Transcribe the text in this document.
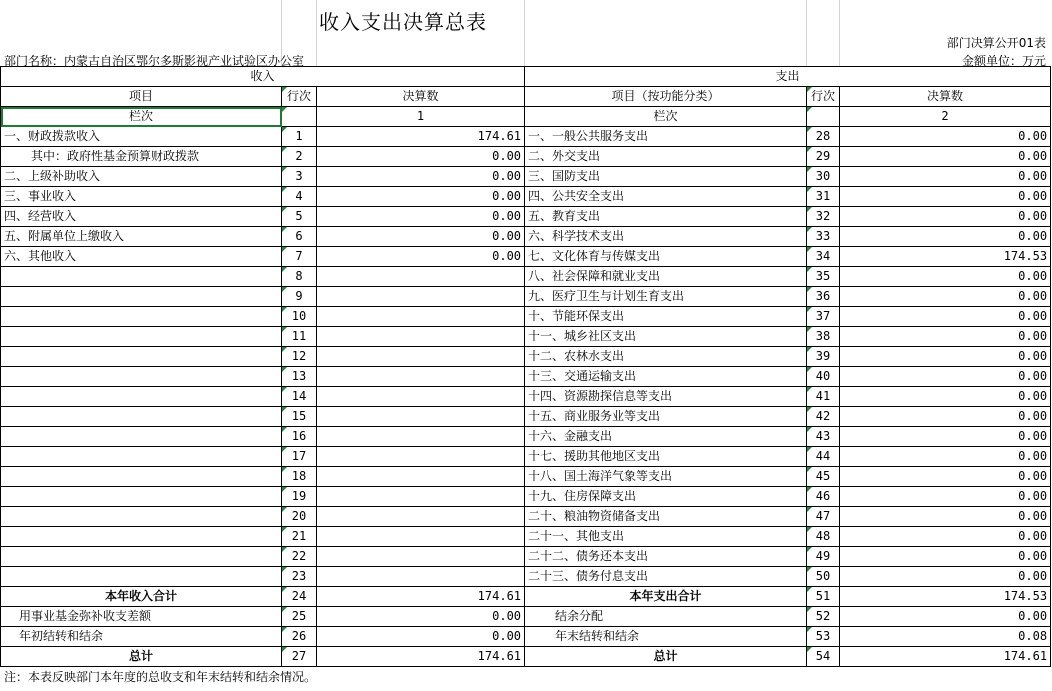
收入支出决算总表
部门决算公开01表
部门名称：内蒙古自治区鄂尔多斯影视产业试验区办公室	金额单位：万元
收入			支出		
项目	行次	决算数	项目（按功能分类）	行次	决算数
栏次		1	栏次		2
一、财政拨款收入	1	174.61	一、一般公共服务支出	28	0.00
其中：政府性基金预算财政拨款	2	0.00	二、外交支出	29	0.00
二、上级补助收入	3	0.00	三、国防支出	30	0.00
三、事业收入	4	0.00	四、公共安全支出	31	0.00
四、经营收入	5	0.00	五、教育支出	32	0.00
五、附属单位上缴收入	6	0.00	六、科学技术支出	33	0.00
六、其他收入	7	0.00	七、文化体育与传媒支出	34	174.53
	8		八、社会保障和就业支出	35	0.00
	9		九、医疗卫生与计划生育支出	36	0.00
	10		十、节能环保支出	37	0.00
	11		十一、城乡社区支出	38	0.00
	12		十二、农林水支出	39	0.00
	13		十三、交通运输支出	40	0.00
	14		十四、资源勘探信息等支出	41	0.00
	15		十五、商业服务业等支出	42	0.00
	16		十六、金融支出	43	0.00
	17		十七、援助其他地区支出	44	0.00
	18		十八、国土海洋气象等支出	45	0.00
	19		十九、住房保障支出	46	0.00
	20		二十、粮油物资储备支出	47	0.00
	21		二十一、其他支出	48	0.00
	22		二十二、债务还本支出	49	0.00
	23		二十三、债务付息支出	50	0.00
本年收入合计	24	174.61	本年支出合计	51	174.53
用事业基金弥补收支差额	25	0.00	结余分配	52	0.00
年初结转和结余	26	0.00	年末结转和结余	53	0.08
总计	27	174.61	总计	54	174.61
注：本表反映部门本年度的总收支和年末结转和结余情况。
